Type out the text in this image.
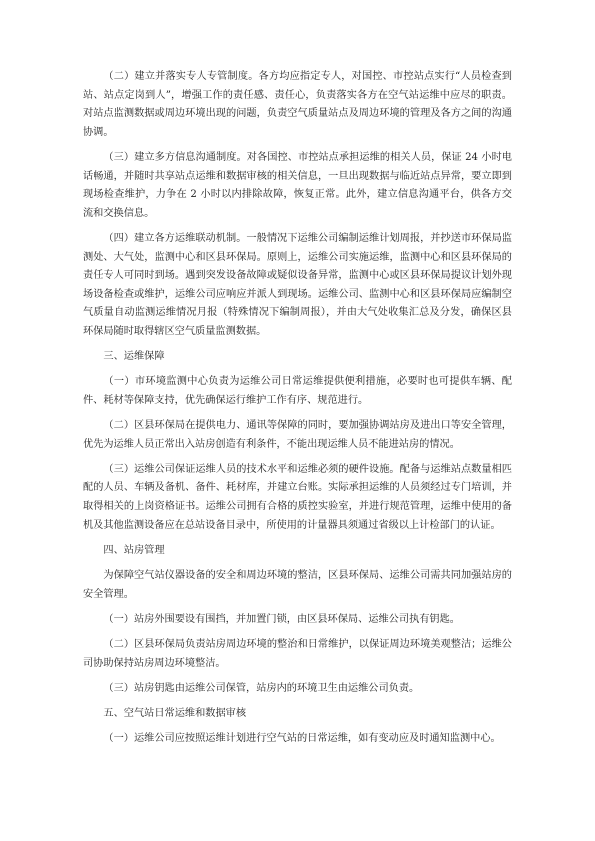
（二）建立并落实专人专管制度。各方均应指定专人，对国控、市控站点实行“人员检查到站、站点定岗到人”，增强工作的责任感、责任心，负责落实各方在空气站运维中应尽的职责。对站点监测数据或周边环境出现的问题，负责空气质量站点及周边环境的管理及各方之间的沟通协调。

（三）建立多方信息沟通制度。对各国控、市控站点承担运维的相关人员，保证 24 小时电话畅通，并随时共享站点运维和数据审核的相关信息，一旦出现数据与临近站点异常，要立即到现场检查维护，力争在 2 小时以内排除故障，恢复正常。此外，建立信息沟通平台，供各方交流和交换信息。

（四）建立各方运维联动机制。一般情况下运维公司编制运维计划周报，并抄送市环保局监测处、大气处，监测中心和区县环保局。原则上，运维公司实施运维，监测中心和区县环保局的责任专人可同时到场。遇到突发设备故障或疑似设备异常，监测中心或区县环保局提议计划外现场设备检查或维护，运维公司应响应并派人到现场。运维公司、监测中心和区县环保局应编制空气质量自动监测运维情况月报（特殊情况下编制周报），并由大气处收集汇总及分发，确保区县环保局随时取得辖区空气质量监测数据。

三、运维保障

（一）市环境监测中心负责为运维公司日常运维提供便利措施，必要时也可提供车辆、配件、耗材等保障支持，优先确保运行维护工作有序、规范进行。

（二）区县环保局在提供电力、通讯等保障的同时，要加强协调站房及进出口等安全管理，优先为运维人员正常出入站房创造有利条件，不能出现运维人员不能进站房的情况。

（三）运维公司保证运维人员的技术水平和运维必须的硬件设施。配备与运维站点数量相匹配的人员、车辆及备机、备件、耗材库，并建立台账。实际承担运维的人员须经过专门培训，并取得相关的上岗资格证书。运维公司拥有合格的质控实验室，并进行规范管理，运维中使用的备机及其他监测设备应在总站设备目录中，所使用的计量器具须通过省级以上计检部门的认证。

四、站房管理

为保障空气站仪器设备的安全和周边环境的整洁，区县环保局、运维公司需共同加强站房的安全管理。

（一）站房外围要设有围挡，并加置门锁，由区县环保局、运维公司执有钥匙。

（二）区县环保局负责站房周边环境的整治和日常维护，以保证周边环境美观整洁；运维公司协助保持站房周边环境整洁。

（三）站房钥匙由运维公司保管，站房内的环境卫生由运维公司负责。

五、空气站日常运维和数据审核

（一）运维公司应按照运维计划进行空气站的日常运维，如有变动应及时通知监测中心。
